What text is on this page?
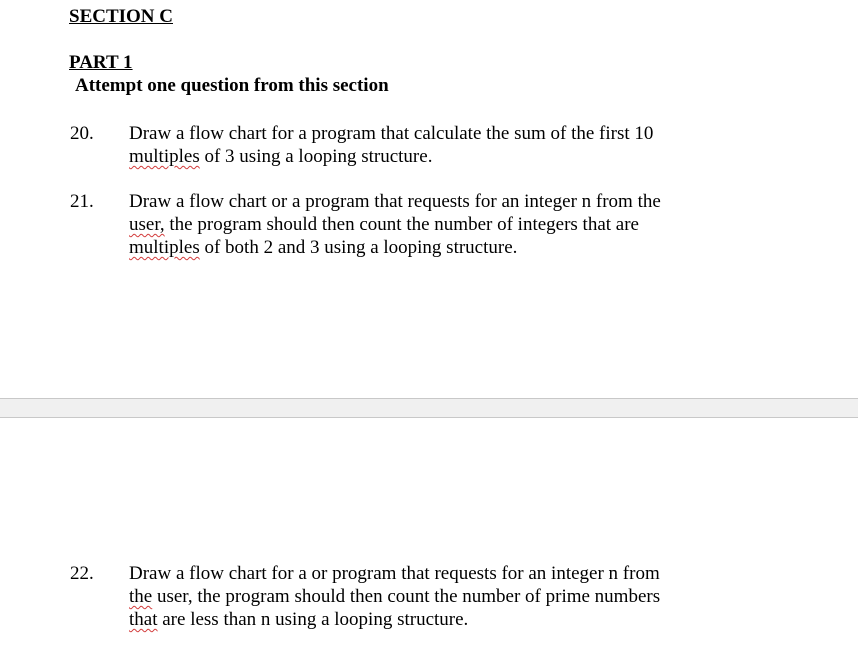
SECTION C
PART 1
Attempt one question from this section
20. Draw a flow chart for a program that calculate the sum of the first 10
multiples of 3 using a looping structure.
21. Draw a flow chart or a program that requests for an integer n from the
user, the program should then count the number of integers that are
multiples of both 2 and 3 using a looping structure.
22. Draw a flow chart for a or program that requests for an integer n from
the user, the program should then count the number of prime numbers
that are less than n using a looping structure.
